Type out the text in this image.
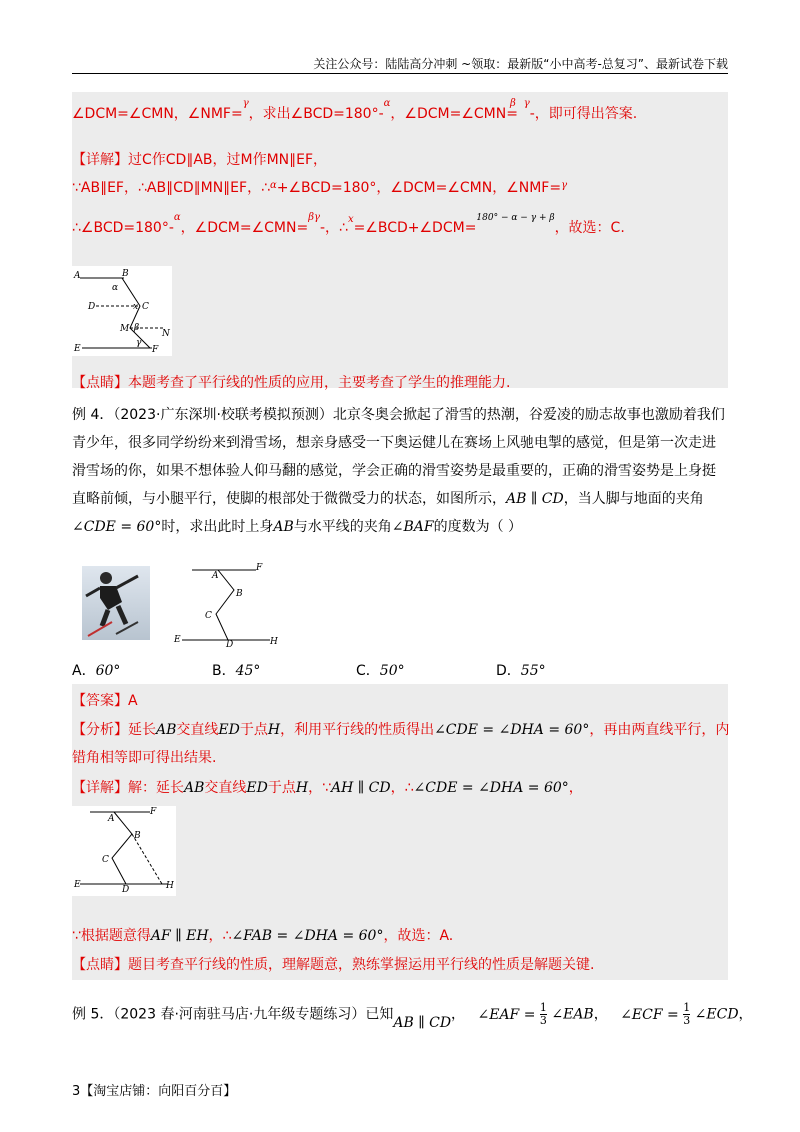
关注公众号：陆陆高分冲刺 ~领取：最新版“小中高考-总复习”、最新试卷下载
∠DCM=∠CMN，∠NMF=$^\gamma$，求出∠BCD=180°-$^\alpha$，∠DCM=∠CMN=$^\beta$ $^\gamma$-，即可得出答案.
【详解】过C作CD∥AB，过M作MN∥EF，
∵AB∥EF，∴AB∥CD∥MN∥EF，∴$^\alpha$+∠BCD=180°，∠DCM=∠CMN，∠NMF=$^\gamma$
∴∠BCD=180°-$^\alpha$，∠DCM=∠CMN=$^{\beta\gamma}$-，∴$^x$=∠BCD+∠DCM=$^{180^\circ - \alpha - \gamma + \beta}$，故选：C.
A	B
α
D	x C
M β
N
γ
E	F
【点睛】本题考查了平行线的性质的应用，主要考查了学生的推理能力.
例 4．（2023·广东深圳·校联考模拟预测）北京冬奥会掀起了滑雪的热潮，谷爱凌的励志故事也激励着我们
青少年，很多同学纷纷来到滑雪场，想亲身感受一下奥运健儿在赛场上风驰电掣的感觉，但是第一次走进
滑雪场的你，如果不想体验人仰马翻的感觉，学会正确的滑雪姿势是最重要的，正确的滑雪姿势是上身挺
直略前倾，与小腿平行，使脚的根部处于微微受力的状态，如图所示，AB ∥ CD，当人脚与地面的夹角
∠CDE = 60°时，求出此时上身AB与水平线的夹角∠BAF的度数为（ ）
A
F
B
C
E	D	H
A．60°	B．45°	C．50°	D．55°
【答案】A
【分析】延长AB交直线ED于点H，利用平行线的性质得出∠CDE = ∠DHA = 60°，再由两直线平行，内
错角相等即可得出结果.
【详解】解：延长AB交直线ED于点H，∵AH ∥ CD，∴∠CDE = ∠DHA = 60°，
A
F
B
C
E	D	H
∵根据题意得AF ∥ EH，∴∠FAB = ∠DHA = 60°，故选：A.
【点睛】题目考查平行线的性质，理解题意，熟练掌握运用平行线的性质是解题关键.
例 5．（2023 春·河南驻马店·九年级专题练习）已知AB ∥ CD， ∠EAF = $\frac{1}{3}$ ∠EAB， ∠ECF = $\frac{1}{3}$ ∠ECD，
3【淘宝店铺：向阳百分百】
